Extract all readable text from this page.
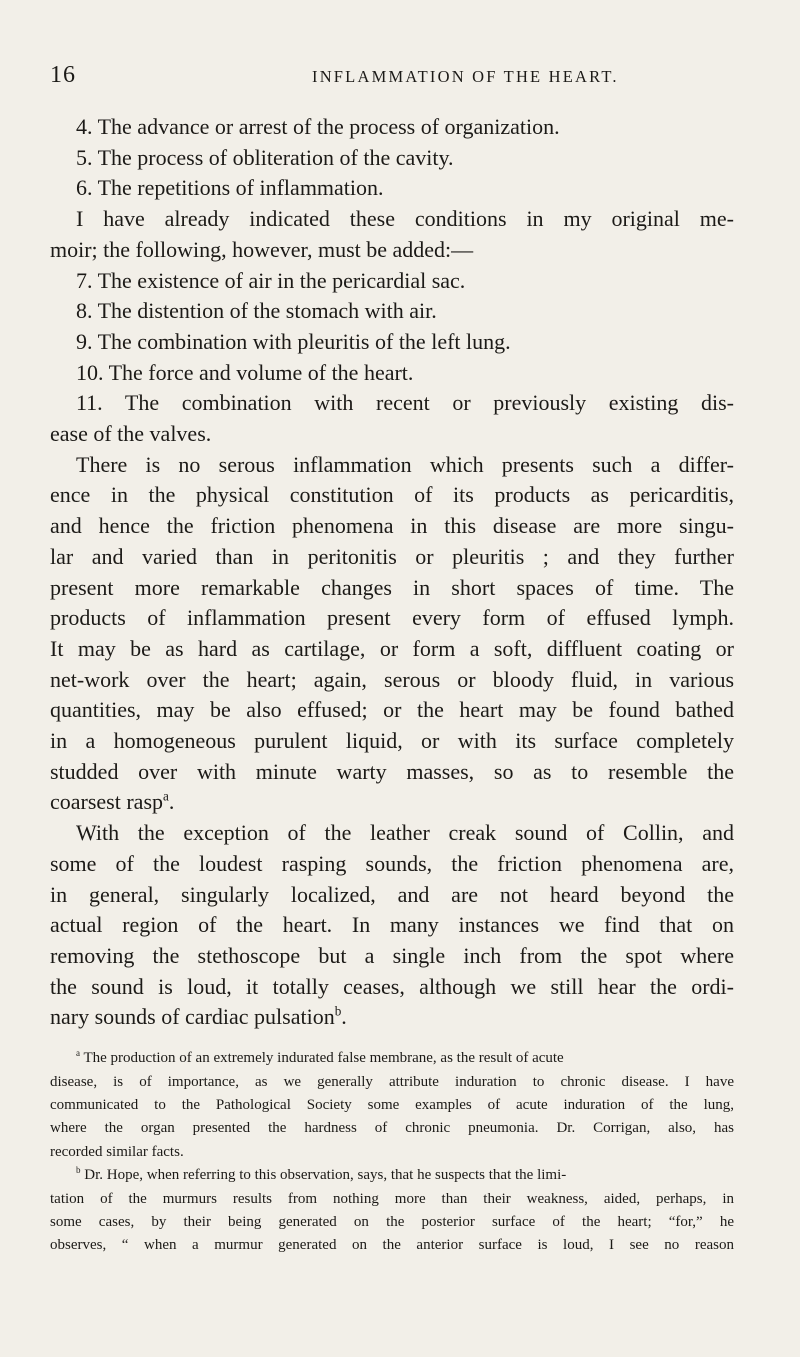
16	INFLAMMATION OF THE HEART.

4. The advance or arrest of the process of organization.

5. The process of obliteration of the cavity.

6. The repetitions of inflammation.

I have already indicated these conditions in my original me-

moir; the following, however, must be added:—

7. The existence of air in the pericardial sac.

8. The distention of the stomach with air.

9. The combination with pleuritis of the left lung.

10. The force and volume of the heart.

11. The combination with recent or previously existing dis-

ease of the valves.

There is no serous inflammation which presents such a differ-

ence in the physical constitution of its products as pericarditis,

and hence the friction phenomena in this disease are more singu-

lar and varied than in peritonitis or pleuritis ; and they further

present more remarkable changes in short spaces of time. The

products of inflammation present every form of effused lymph.

It may be as hard as cartilage, or form a soft, diffluent coating or

net-work over the heart; again, serous or bloody fluid, in various

quantities, may be also effused; or the heart may be found bathed

in a homogeneous purulent liquid, or with its surface completely

studded over with minute warty masses, so as to resemble the

coarsest rasp$^a$.

With the exception of the leather creak sound of Collin, and

some of the loudest rasping sounds, the friction phenomena are,

in general, singularly localized, and are not heard beyond the

actual region of the heart. In many instances we find that on

removing the stethoscope but a single inch from the spot where

the sound is loud, it totally ceases, although we still hear the ordi-

nary sounds of cardiac pulsation$^b$.

$^a$ The production of an extremely indurated false membrane, as the result of acute

disease, is of importance, as we generally attribute induration to chronic disease. I have

communicated to the Pathological Society some examples of acute induration of the lung,

where the organ presented the hardness of chronic pneumonia. Dr. Corrigan, also, has

recorded similar facts.

$^b$ Dr. Hope, when referring to this observation, says, that he suspects that the limi-

tation of the murmurs results from nothing more than their weakness, aided, perhaps, in

some cases, by their being generated on the posterior surface of the heart; “for,” he

observes, “ when a murmur generated on the anterior surface is loud, I see no reason
